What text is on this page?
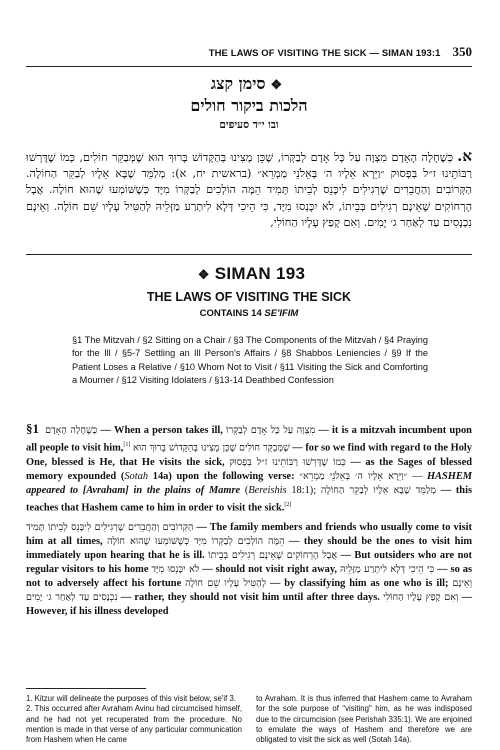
THE LAWS OF VISITING THE SICK — SIMAN 193:1 350
❖סימן קצג
הלכות ביקור חולים
ובו י״ד סעיפים
א.כְּשֶׁחָלָה הָאָדָם מִצְוָה עַל כָּל אָדָם לְבַקְּרוֹ, שֶׁכֵּן מָצִינוּ בְּהַקָּדוֹשׁ בָּרוּךְ הוּא שֶׁמְּבַקֵּר חוֹלִים, כְּמוֹ שֶׁדָּרְשׁוּ רַבּוֹתֵינוּ ז״ל בְּפָסוּק ״וַיֵּרָא אֵלָיו ה׳ בְּאֵלֹנֵי מַמְרֵא״ (בראשית יח, א): מְלַמֵּד שֶׁבָּא אֵלָיו לְבַקֵּר הַחוֹלֶה. הַקְּרוֹבִים וְהַחֲבֵרִים שֶׁרְגִילִים לִיכָּנֵס לְבֵיתוֹ תָּמִיד הֵמָּה הוֹלְכִים לְבַקְּרוֹ מִיָּד כְּשֶׁשּׁוֹמְעוּ שֶׁהוּא חוֹלֶה. אֲבָל הָרְחוֹקִים שֶׁאֵינָם רְגִילִים בְּבֵיתוֹ, לֹא יִכָּנְסוּ מִיָּד, כִּי הֵיכִי דְּלָא לִיתְרַע מַזָּלֵיהּ לְהַטִּיל עָלָיו שֵׁם חוֹלֶה. וְאֵינָם נִכְנָסִים עַד לְאַחַר ג׳ יָמִים. וְאִם קָפַץ עָלָיו הַחוֹלִי,
❖ SIMAN 193
THE LAWS OF VISITING THE SICK
CONTAINS 14 SE'IFIM
§1 The Mitzvah / §2 Sitting on a Chair / §3 The Components of the Mitzvah / §4 Praying for the Ill / §5-7 Settling an Ill Person's Affairs / §8 Shabbos Leniencies / §9 If the Patient Loses a Relative / §10 Whom Not to Visit / §11 Visiting the Sick and Comforting a Mourner / §12 Visiting Idolaters / §13-14 Deathbed Confession

§1 כְּשֶׁחָלָה הָאָדָם — When a person takes ill, מִצְוָה עַל כָּל אָדָם לְבַקְּרוֹ — it is a mitzvah incumbent upon all people to visit him,[1] שֶׁכֵּן מָצִינוּ בְּהַקָּדוֹשׁ בָּרוּךְ הוּא שֶׁמְּבַקֵּר חוֹלִים — for so we find with regard to the Holy One, blessed is He, that He visits the sick, כְּמוֹ שֶׁדָּרְשׁוּ רַבּוֹתֵינוּ ז״ל בְּפָסוּק — as the Sages of blessed memory expounded (Sotah 14a) upon the following verse: ״וַיֵּרָא אֵלָיו ה׳ בְּאֵלֹנֵי מַמְרֵא״ — HASHEM appeared to [Avraham] in the plains of Mamre (Bereishis 18:1); מְלַמֵּד שֶׁבָּא אֵלָיו לְבַקֵּר הַחוֹלֶה — this teaches that Hashem came to him in order to visit the sick.[2]

הַקְּרוֹבִים וְהַחֲבֵרִים שֶׁרְגִילִים לִיכָּנֵס לְבֵיתוֹ תָּמִיד — The family members and friends who usually come to visit him at all times, הֵמָּה הוֹלְכִים לְבַקְּרוֹ מִיָּד כְּשֶׁשּׁוֹמְעוּ שֶׁהוּא חוֹלֶה — they should be the ones to visit him immediately upon hearing that he is ill. אֲבָל הָרְחוֹקִים שֶׁאֵינָם רְגִילִים בְּבֵיתוֹ — But outsiders who are not regular visitors to his home לֹא יִכָּנְסוּ מִיָּד — should not visit right away, כִּי הֵיכִי דְּלָא לִיתְרַע מַזָּלֵיהּ — so as not to adversely affect his fortune לְהַטִּיל עָלָיו שֵׁם חוֹלֶה — by classifying him as one who is ill; וְאֵינָם נִכְנָסִים עַד לְאַחַר ג׳ יָמִים — rather, they should not visit him until after three days. וְאִם קָפַץ עָלָיו הַחוֹלִי — However, if his illness developed

1. Kitzur will delineate the purposes of this visit below, se'if 3.
2. This occurred after Avraham Avinu had circumcised himself, and he had not yet recuperated from the procedure. No mention is made in that verse of any particular communication from Hashem when He came
to Avraham. It is thus inferred that Hashem came to Avraham for the sole purpose of "visiting" him, as he was indisposed due to the circumcision (see Perishah 335:1). We are enjoined to emulate the ways of Hashem and therefore we are obligated to visit the sick as well (Sotah 14a).
